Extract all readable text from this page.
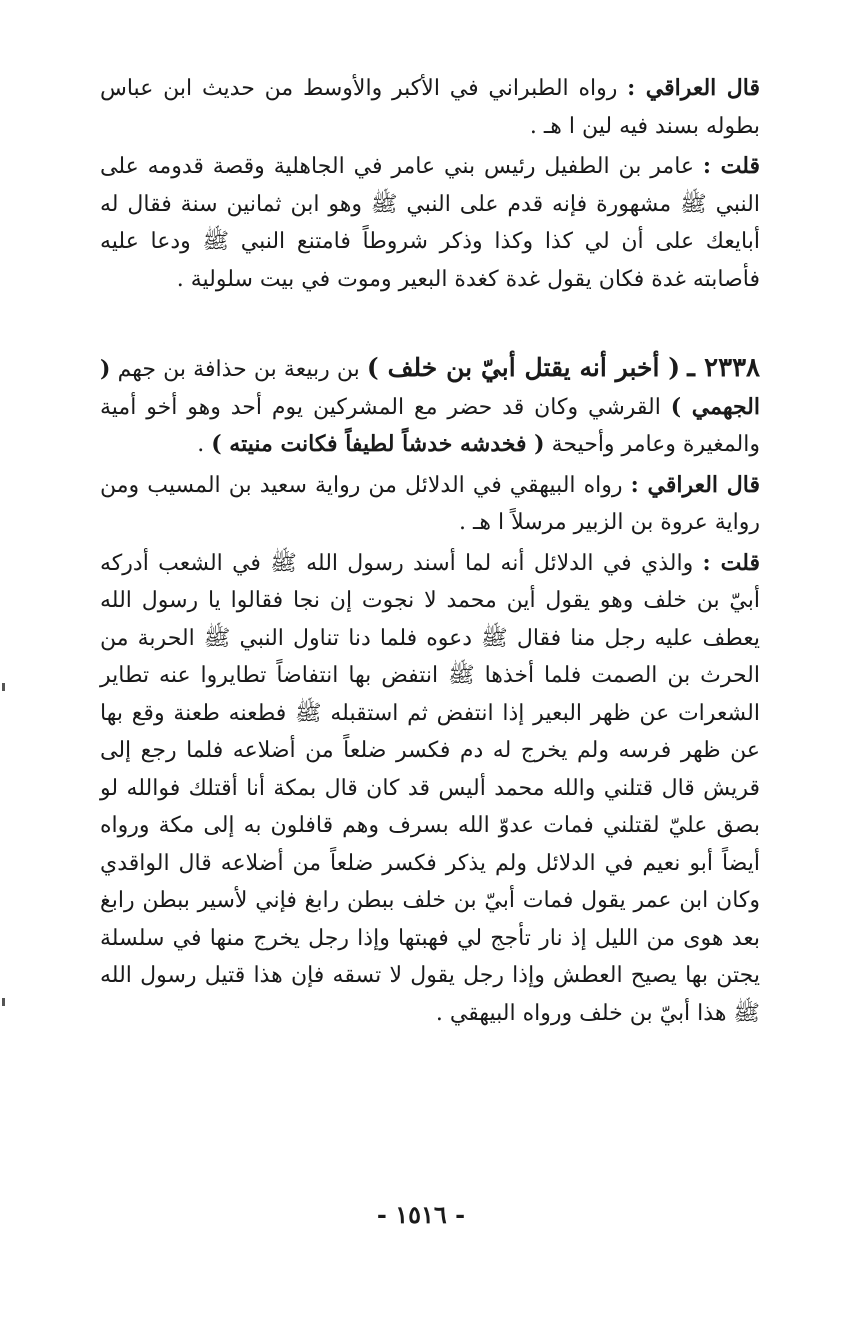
قال العراقي : رواه الطبراني في الأكبر والأوسط من حديث ابن عباس بطوله بسند فيه لين ا هـ .

قلت : عامر بن الطفيل رئيس بني عامر في الجاهلية وقصة قدومه على النبي ﷺ مشهورة فإنه قدم على النبي ﷺ وهو ابن ثمانين سنة فقال له أبايعك على أن لي كذا وكذا وذكر شروطاً فامتنع النبي ﷺ ودعا عليه فأصابته غدة فكان يقول غدة كغدة البعير وموت في بيت سلولية .

٢٣٣٨ ـ ( أخبر أنه يقتل أبيّ بن خلف ) بن ربيعة بن حذافة بن جهم ( الجهمي ) القرشي وكان قد حضر مع المشركين يوم أحد وهو أخو أمية والمغيرة وعامر وأحيحة ( فخدشه خدشاً لطيفاً فكانت منيته ) .

قال العراقي : رواه البيهقي في الدلائل من رواية سعيد بن المسيب ومن رواية عروة بن الزبير مرسلاً ا هـ .

قلت : والذي في الدلائل أنه لما أسند رسول الله ﷺ في الشعب أدركه أبيّ بن خلف وهو يقول أين محمد لا نجوت إن نجا فقالوا يا رسول الله يعطف عليه رجل منا فقال ﷺ دعوه فلما دنا تناول النبي ﷺ الحربة من الحرث بن الصمت فلما أخذها ﷺ انتفض بها انتفاضاً تطايروا عنه تطاير الشعرات عن ظهر البعير إذا انتفض ثم استقبله ﷺ فطعنه طعنة وقع بها عن ظهر فرسه ولم يخرج له دم فكسر ضلعاً من أضلاعه فلما رجع إلى قريش قال قتلني والله محمد أليس قد كان قال بمكة أنا أقتلك فوالله لو بصق عليّ لقتلني فمات عدوّ الله بسرف وهم قافلون به إلى مكة ورواه أيضاً أبو نعيم في الدلائل ولم يذكر فكسر ضلعاً من أضلاعه قال الواقدي وكان ابن عمر يقول فمات أبيّ بن خلف ببطن رابغ فإني لأسير ببطن رابغ بعد هوى من الليل إذ نار تأجج لي فهبتها وإذا رجل يخرج منها في سلسلة يجتن بها يصيح العطش وإذا رجل يقول لا تسقه فإن هذا قتيل رسول الله ﷺ هذا أبيّ بن خلف ورواه البيهقي .

- ١٥١٦ -
